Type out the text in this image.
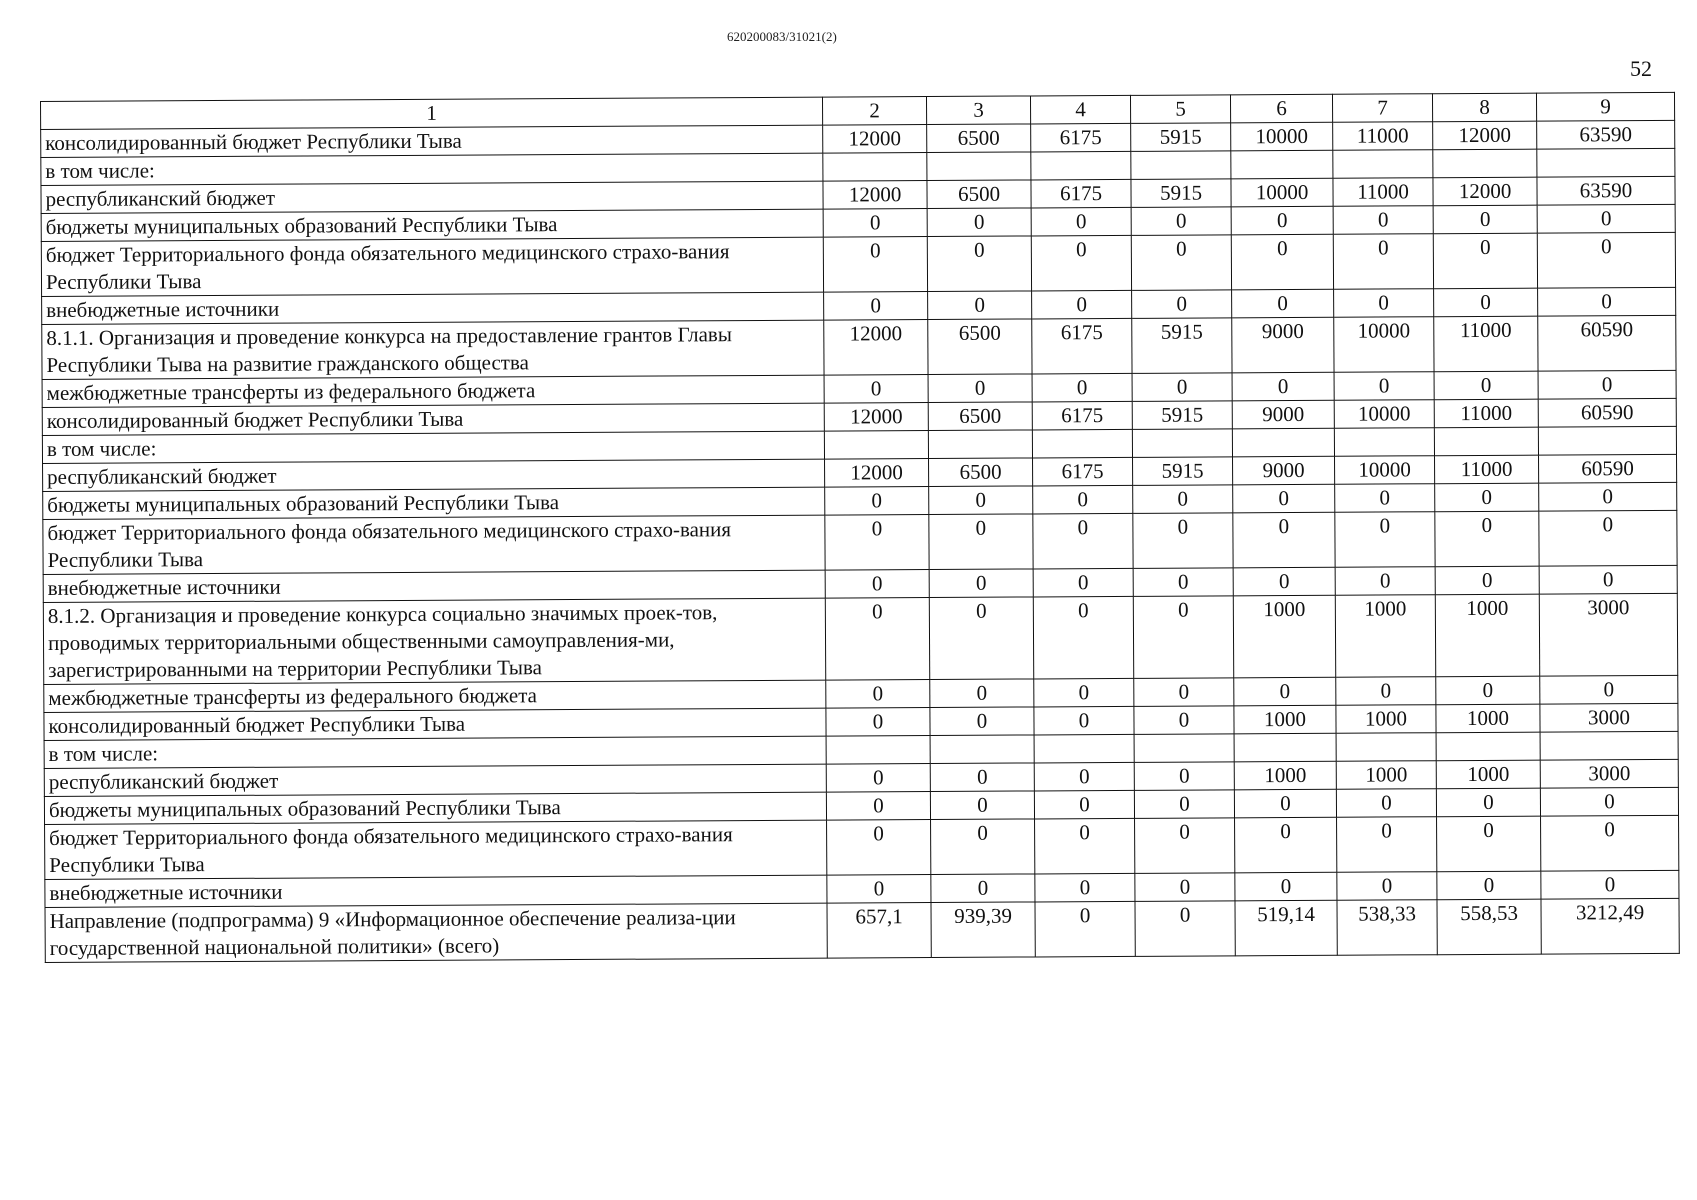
620200083/31021(2)
52
1	2	3	4	5	6	7	8	9
консолидированный бюджет Республики Тыва	12000	6500	6175	5915	10000	11000	12000	63590
в том числе:								
республиканский бюджет	12000	6500	6175	5915	10000	11000	12000	63590
бюджеты муниципальных образований Республики Тыва	0	0	0	0	0	0	0	0
бюджет Территориального фонда обязательного медицинского страхо-вания Республики Тыва	0	0	0	0	0	0	0	0
внебюджетные источники	0	0	0	0	0	0	0	0
8.1.1. Организация и проведение конкурса на предоставление грантов Главы Республики Тыва на развитие гражданского общества	12000	6500	6175	5915	9000	10000	11000	60590
межбюджетные трансферты из федерального бюджета	0	0	0	0	0	0	0	0
консолидированный бюджет Республики Тыва	12000	6500	6175	5915	9000	10000	11000	60590
в том числе:								
республиканский бюджет	12000	6500	6175	5915	9000	10000	11000	60590
бюджеты муниципальных образований Республики Тыва	0	0	0	0	0	0	0	0
бюджет Территориального фонда обязательного медицинского страхо-вания Республики Тыва	0	0	0	0	0	0	0	0
внебюджетные источники	0	0	0	0	0	0	0	0
8.1.2. Организация и проведение конкурса социально значимых проек-тов, проводимых территориальными общественными самоуправления-ми, зарегистрированными на территории Республики Тыва	0	0	0	0	1000	1000	1000	3000
межбюджетные трансферты из федерального бюджета	0	0	0	0	0	0	0	0
консолидированный бюджет Республики Тыва	0	0	0	0	1000	1000	1000	3000
в том числе:								
республиканский бюджет	0	0	0	0	1000	1000	1000	3000
бюджеты муниципальных образований Республики Тыва	0	0	0	0	0	0	0	0
бюджет Территориального фонда обязательного медицинского страхо-вания Республики Тыва	0	0	0	0	0	0	0	0
внебюджетные источники	0	0	0	0	0	0	0	0
Направление (подпрограмма) 9 «Информационное обеспечение реализа-ции государственной национальной политики» (всего)	657,1	939,39	0	0	519,14	538,33	558,53	3212,49
